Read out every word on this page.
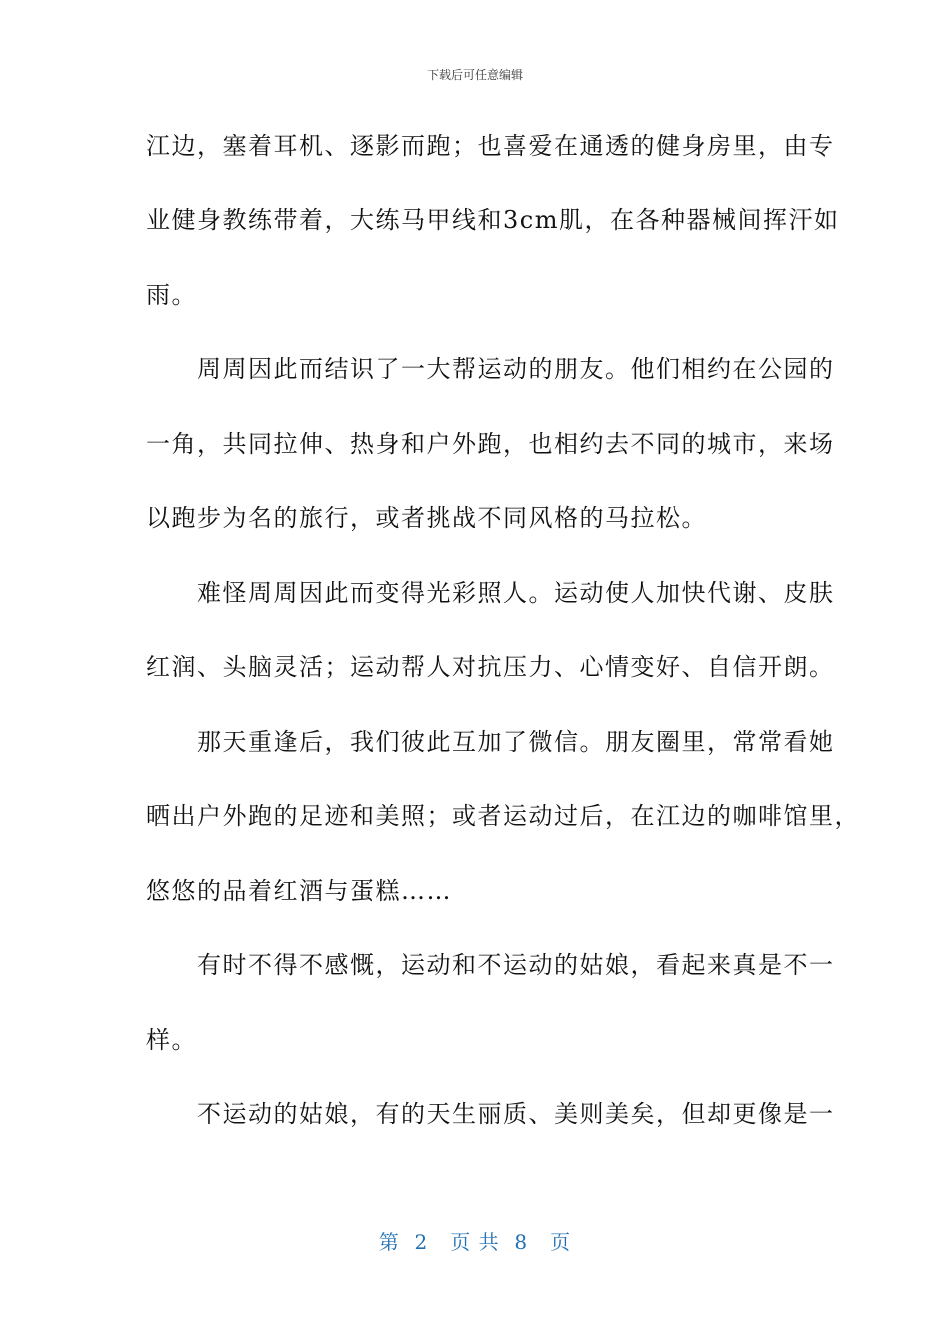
下载后可任意编辑
江边，塞着耳机、逐影而跑；也喜爱在通透的健身房里，由专
业健身教练带着，大练马甲线和3cm肌，在各种器械间挥汗如
雨。
　　周周因此而结识了一大帮运动的朋友。他们相约在公园的
一角，共同拉伸、热身和户外跑，也相约去不同的城市，来场
以跑步为名的旅行，或者挑战不同风格的马拉松。
　　难怪周周因此而变得光彩照人。运动使人加快代谢、皮肤
红润、头脑灵活；运动帮人对抗压力、心情变好、自信开朗。
　　那天重逢后，我们彼此互加了微信。朋友圈里，常常看她
晒出户外跑的足迹和美照；或者运动过后，在江边的咖啡馆里，
悠悠的品着红酒与蛋糕……
　　有时不得不感慨，运动和不运动的姑娘，看起来真是不一
样。
　　不运动的姑娘，有的天生丽质、美则美矣，但却更像是一
第  2   页 共  8   页
